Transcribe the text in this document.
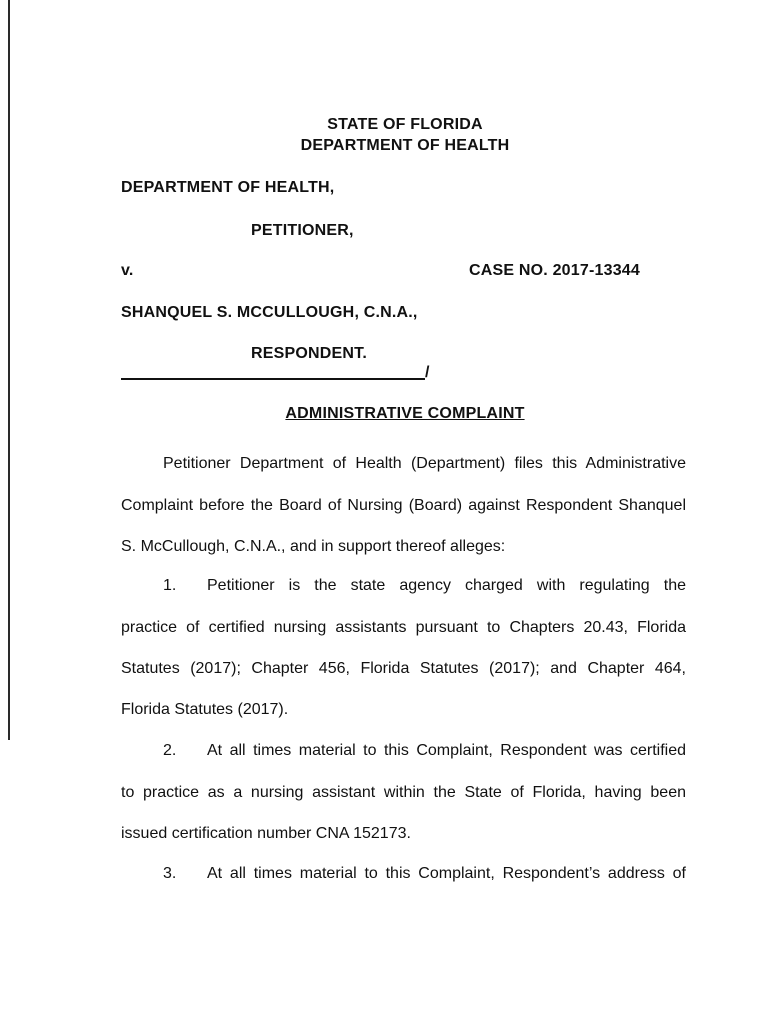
STATE OF FLORIDA
DEPARTMENT OF HEALTH
DEPARTMENT OF HEALTH,
PETITIONER,
v.	CASE NO. 2017-13344
SHANQUEL S. MCCULLOUGH, C.N.A.,
RESPONDENT.
/
ADMINISTRATIVE COMPLAINT
Petitioner Department of Health (Department) files this Administrative
Complaint before the Board of Nursing (Board) against Respondent Shanquel
S. McCullough, C.N.A., and in support thereof alleges:
1. Petitioner is the state agency charged with regulating the
practice of certified nursing assistants pursuant to Chapters 20.43, Florida
Statutes (2017); Chapter 456, Florida Statutes (2017); and Chapter 464,
Florida Statutes (2017).
2. At all times material to this Complaint, Respondent was certified
to practice as a nursing assistant within the State of Florida, having been
issued certification number CNA 152173.
3. At all times material to this Complaint, Respondent’s address of
